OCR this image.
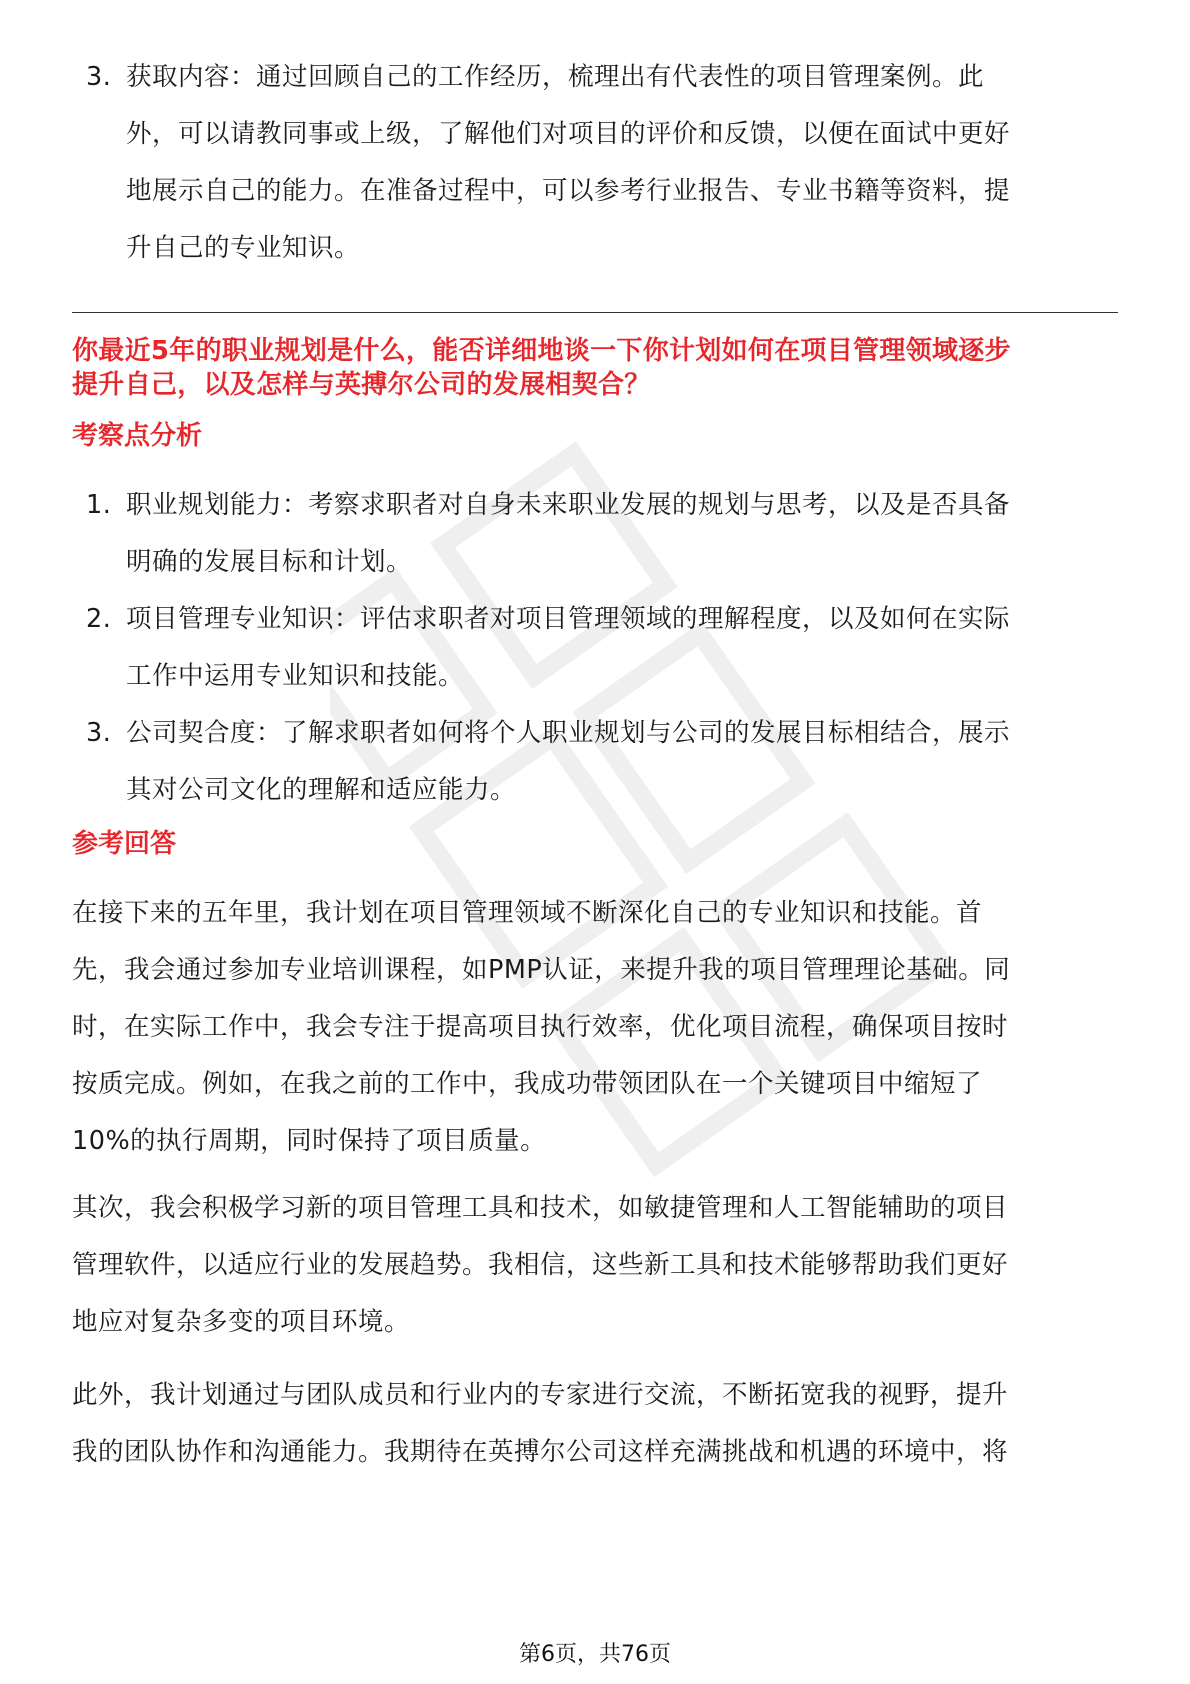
3. 获取内容：通过回顾自己的工作经历，梳理出有代表性的项目管理案例。此
外，可以请教同事或上级，了解他们对项目的评价和反馈，以便在面试中更好
地展示自己的能力。在准备过程中，可以参考行业报告、专业书籍等资料，提
升自己的专业知识。

你最近5年的职业规划是什么，能否详细地谈一下你计划如何在项目管理领域逐步

提升自己，以及怎样与英搏尔公司的发展相契合？

考察点分析

1. 职业规划能力：考察求职者对自身未来职业发展的规划与思考，以及是否具备
明确的发展目标和计划。
2. 项目管理专业知识：评估求职者对项目管理领域的理解程度，以及如何在实际
工作中运用专业知识和技能。
3. 公司契合度：了解求职者如何将个人职业规划与公司的发展目标相结合，展示
其对公司文化的理解和适应能力。

参考回答

在接下来的五年里，我计划在项目管理领域不断深化自己的专业知识和技能。首

先，我会通过参加专业培训课程，如PMP认证，来提升我的项目管理理论基础。同

时，在实际工作中，我会专注于提高项目执行效率，优化项目流程，确保项目按时

按质完成。例如，在我之前的工作中，我成功带领团队在一个关键项目中缩短了

10%的执行周期，同时保持了项目质量。

其次，我会积极学习新的项目管理工具和技术，如敏捷管理和人工智能辅助的项目

管理软件，以适应行业的发展趋势。我相信，这些新工具和技术能够帮助我们更好

地应对复杂多变的项目环境。

此外，我计划通过与团队成员和行业内的专家进行交流，不断拓宽我的视野，提升

我的团队协作和沟通能力。我期待在英搏尔公司这样充满挑战和机遇的环境中，将

第6页，共76页
